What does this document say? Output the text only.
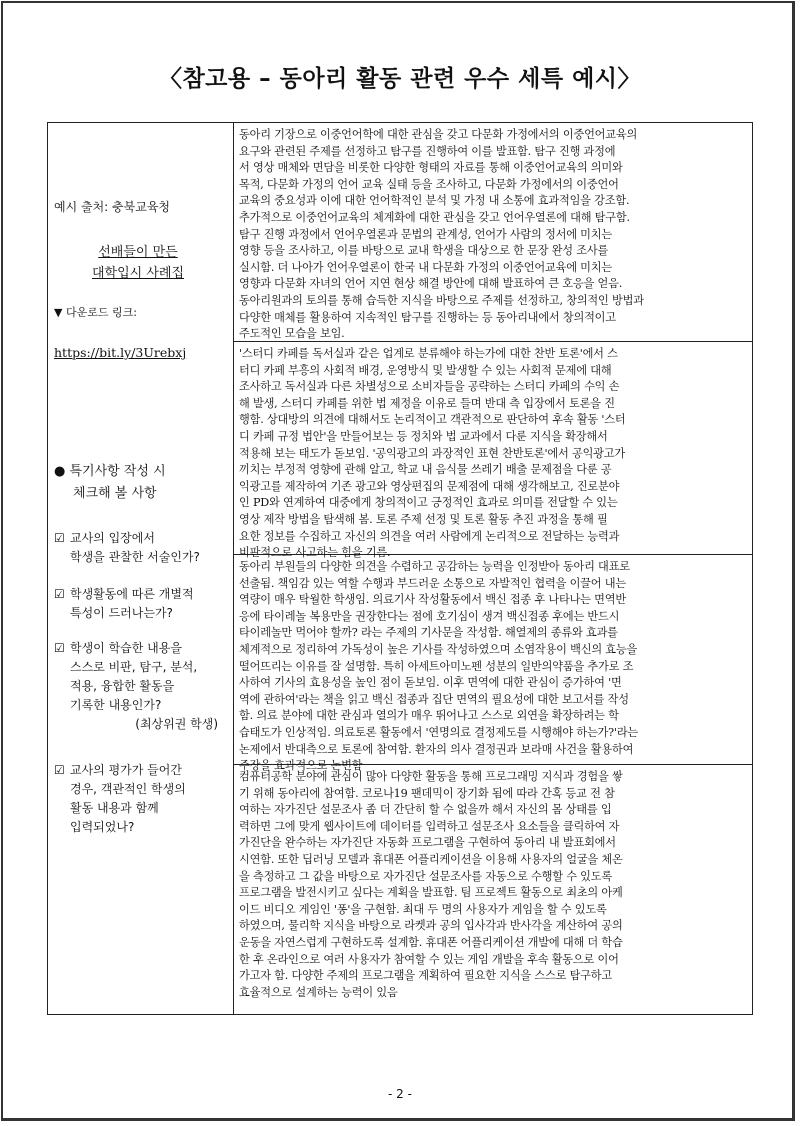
〈참고용 – 동아리 활동 관련 우수 세특 예시〉
예시 출처: 충북교육청
선배들이 만든
대학입시 사례집
▼ 다운로드 링크:
https://bit.ly/3Urebxj
● 특기사항 작성 시
체크해 볼 사항
☑ 교사의 입장에서
학생을 관찰한 서술인가?
☑ 학생활동에 따른 개별적
특성이 드러나는가?
☑ 학생이 학습한 내용을
스스로 비판, 탐구, 분석,
적용, 융합한 활동을
기록한 내용인가?
(최상위권 학생)
☑ 교사의 평가가 들어간
경우, 객관적인 학생의
활동 내용과 함께
입력되었나?

동아리 기장으로 이중언어학에 대한 관심을 갖고 다문화 가정에서의 이중언어교육의
요구와 관련된 주제를 선정하고 탐구를 진행하여 이를 발표함. 탐구 진행 과정에
서 영상 매체와 면담을 비롯한 다양한 형태의 자료를 통해 이중언어교육의 의미와
목적, 다문화 가정의 언어 교육 실태 등을 조사하고, 다문화 가정에서의 이중언어
교육의 중요성과 이에 대한 언어학적인 분석 및 가정 내 소통에 효과적임을 강조함.
추가적으로 이중언어교육의 체계화에 대한 관심을 갖고 언어우열론에 대해 탐구함.
탐구 진행 과정에서 언어우열론과 문법의 관계성, 언어가 사람의 정서에 미치는
영향 등을 조사하고, 이를 바탕으로 교내 학생을 대상으로 한 문장 완성 조사를
실시함. 더 나아가 언어우열론이 한국 내 다문화 가정의 이중언어교육에 미치는
영향과 다문화 자녀의 언어 지연 현상 해결 방안에 대해 발표하여 큰 호응을 얻음.
동아리원과의 토의를 통해 습득한 지식을 바탕으로 주제를 선정하고, 창의적인 방법과
다양한 매체를 활용하여 지속적인 탐구를 진행하는 등 동아리내에서 창의적이고
주도적인 모습을 보임.

'스터디 카페를 독서실과 같은 업계로 분류해야 하는가에 대한 찬반 토론'에서 스
터디 카페 부흥의 사회적 배경, 운영방식 및 발생할 수 있는 사회적 문제에 대해
조사하고 독서실과 다른 차별성으로 소비자들을 공략하는 스터디 카페의 수익 손
해 발생, 스터디 카페를 위한 법 제정을 이유로 들며 반대 측 입장에서 토론을 진
행함. 상대방의 의견에 대해서도 논리적이고 객관적으로 판단하여 후속 활동 '스터
디 카페 규정 법안'을 만들어보는 등 정치와 법 교과에서 다룬 지식을 확장해서
적용해 보는 태도가 돋보임. '공익광고의 과장적인 표현 찬반토론'에서 공익광고가
끼치는 부정적 영향에 관해 알고, 학교 내 음식물 쓰레기 배출 문제점을 다룬 공
익광고를 제작하여 기존 광고와 영상편집의 문제점에 대해 생각해보고, 진로분야
인 PD와 연계하여 대중에게 창의적이고 긍정적인 효과로 의미를 전달할 수 있는
영상 제작 방법을 탐색해 봄. 토론 주제 선정 및 토론 활동 추진 과정을 통해 필
요한 정보를 수집하고 자신의 의견을 여러 사람에게 논리적으로 전달하는 능력과
비판적으로 사고하는 힘을 기름.

동아리 부원들의 다양한 의견을 수렴하고 공감하는 능력을 인정받아 동아리 대표로
선출됨. 책임감 있는 역할 수행과 부드러운 소통으로 자발적인 협력을 이끌어 내는
역량이 매우 탁월한 학생임. 의료기사 작성활동에서 백신 접종 후 나타나는 면역반
응에 타이레놀 복용만을 권장한다는 점에 호기심이 생겨 백신접종 후에는 반드시
타이레놀만 먹어야 할까? 라는 주제의 기사문을 작성함. 해열제의 종류와 효과를
체계적으로 정리하여 가독성이 높은 기사를 작성하였으며 소염작용이 백신의 효능을
떨어뜨리는 이유를 잘 설명함. 특히 아세트아미노펜 성분의 일반의약품을 추가로 조
사하여 기사의 효용성을 높인 점이 돋보임. 이후 면역에 대한 관심이 증가하여 '면
역에 관하여'라는 책을 읽고 백신 접종과 집단 면역의 필요성에 대한 보고서를 작성
함. 의료 분야에 대한 관심과 열의가 매우 뛰어나고 스스로 외연을 확장하려는 학
습태도가 인상적임. 의료토론 활동에서 '연명의료 결정제도를 시행해야 하는가?'라는
논제에서 반대측으로 토론에 참여함. 환자의 의사 결정권과 보라매 사건을 활용하여
주장을 효과적으로 논변함

컴퓨터공학 분야에 관심이 많아 다양한 활동을 통해 프로그래밍 지식과 경험을 쌓
기 위해 동아리에 참여함. 코로나19 팬데믹이 장기화 됨에 따라 간혹 등교 전 참
여하는 자가진단 설문조사 좀 더 간단히 할 수 없을까 해서 자신의 몸 상태를 입
력하면 그에 맞게 웹사이트에 데이터를 입력하고 설문조사 요소들을 클릭하여 자
가진단을 완수하는 자가진단 자동화 프로그램을 구현하여 동아리 내 발표회에서
시연함. 또한 딥러닝 모델과 휴대폰 어플리케이션을 이용해 사용자의 얼굴을 체온
을 측정하고 그 값을 바탕으로 자가진단 설문조사를 자동으로 수행할 수 있도록
프로그램을 발전시키고 싶다는 계획을 발표함. 팀 프로젝트 활동으로 최초의 아케
이드 비디오 게임인 '퐁'을 구현함. 최대 두 명의 사용자가 게임을 할 수 있도록
하였으며, 물리학 지식을 바탕으로 라켓과 공의 입사각과 반사각을 계산하여 공의
운동을 자연스럽게 구현하도록 설계함. 휴대폰 어플리케이션 개발에 대해 더 학습
한 후 온라인으로 여러 사용자가 참여할 수 있는 게임 개발을 후속 활동으로 이어
가고자 함. 다양한 주제의 프로그램을 계획하여 필요한 지식을 스스로 탐구하고
효율적으로 설계하는 능력이 있음

- 2 -
